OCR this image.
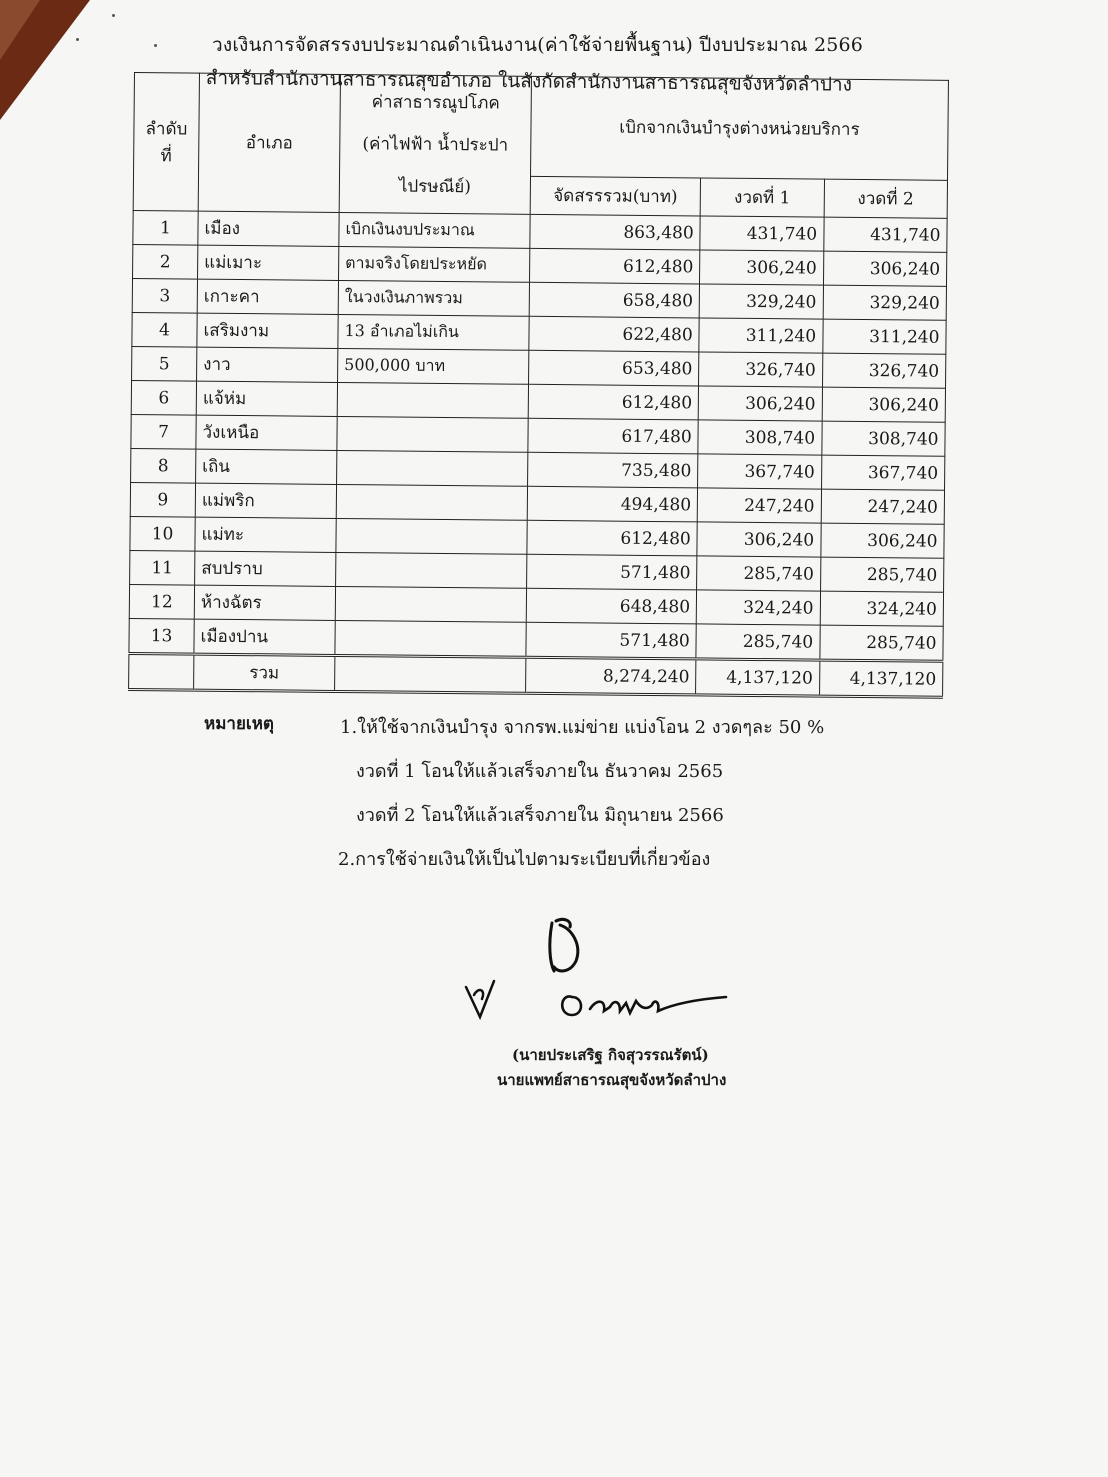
วงเงินการจัดสรรงบประมาณดำเนินงาน(ค่าใช้จ่ายพื้นฐาน) ปีงบประมาณ 2566
สำหรับสำนักงานสาธารณสุขอำเภอ ในสังกัดสำนักงานสาธารณสุขจังหวัดลำปาง
ลำดับที่	อำเภอ	ค่าสาธารณูปโภค
(ค่าไฟฟ้า น้ำประปา
ไปรษณีย์)	เบิกจากเงินบำรุงต่างหน่วยบริการ		
			จัดสรรรวม(บาท)	งวดที่ 1	งวดที่ 2
1	เมือง	เบิกเงินงบประมาณ	863,480	431,740	431,740
2	แม่เมาะ	ตามจริงโดยประหยัด	612,480	306,240	306,240
3	เกาะคา	ในวงเงินภาพรวม	658,480	329,240	329,240
4	เสริมงาม	13 อำเภอไม่เกิน	622,480	311,240	311,240
5	งาว	500,000 บาท	653,480	326,740	326,740
6	แจ้ห่ม		612,480	306,240	306,240
7	วังเหนือ		617,480	308,740	308,740
8	เถิน		735,480	367,740	367,740
9	แม่พริก		494,480	247,240	247,240
10	แม่ทะ		612,480	306,240	306,240
11	สบปราบ		571,480	285,740	285,740
12	ห้างฉัตร		648,480	324,240	324,240
13	เมืองปาน		571,480	285,740	285,740
	รวม		8,274,240	4,137,120	4,137,120
หมายเหตุ	1.ให้ใช้จากเงินบำรุง จากรพ.แม่ข่าย แบ่งโอน 2 งวดๆละ 50 %
งวดที่ 1 โอนให้แล้วเสร็จภายใน ธันวาคม 2565
งวดที่ 2 โอนให้แล้วเสร็จภายใน มิถุนายน 2566
2.การใช้จ่ายเงินให้เป็นไปตามระเบียบที่เกี่ยวข้อง
(นายประเสริฐ กิจสุวรรณรัตน์)
นายแพทย์สาธารณสุขจังหวัดลำปาง
